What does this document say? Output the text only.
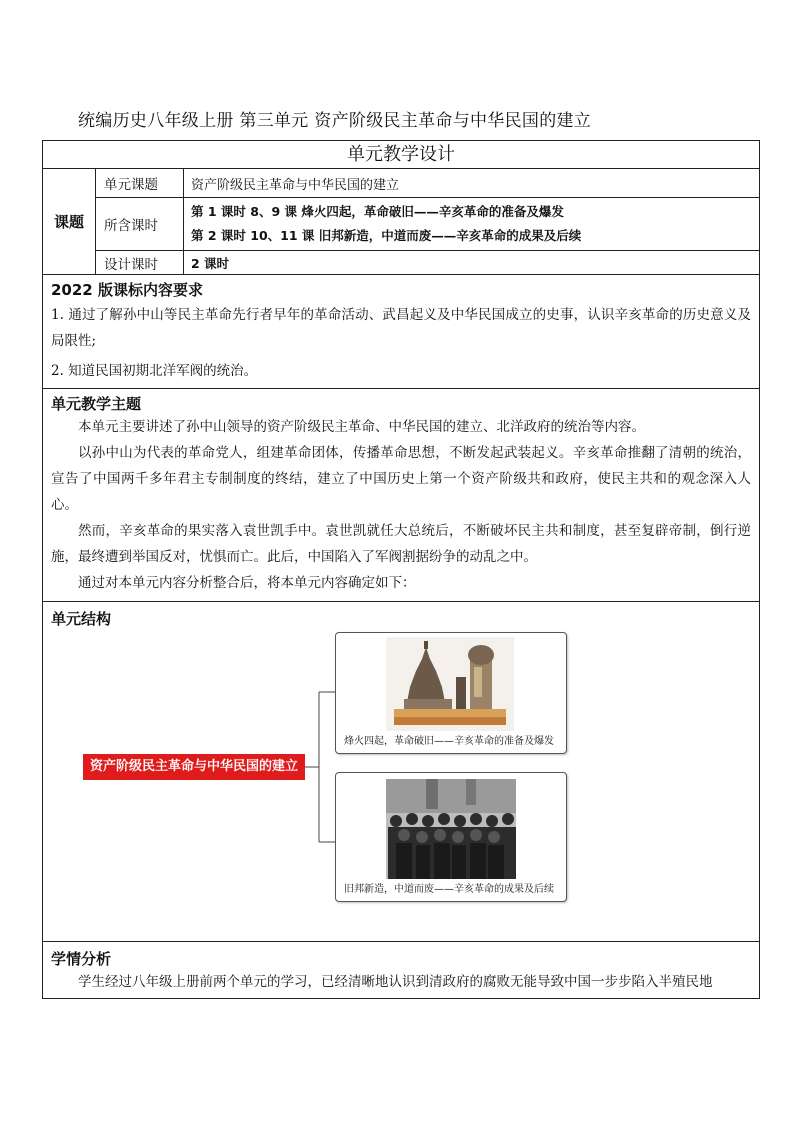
统编历史八年级上册 第三单元 资产阶级民主革命与中华民国的建立
单元教学设计
课题
单元课题	资产阶级民主革命与中华民国的建立
所含课时
第 1 课时 8、9 课 烽火四起，革命破旧——辛亥革命的准备及爆发
第 2 课时 10、11 课 旧邦新造，中道而废——辛亥革命的成果及后续
设计课时	2 课时
2022 版课标内容要求
1. 通过了解孙中山等民主革命先行者早年的革命活动、武昌起义及中华民国成立的史事，认识辛亥革命的历史意义及局限性;
2. 知道民国初期北洋军阀的统治。
单元教学主题
本单元主要讲述了孙中山领导的资产阶级民主革命、中华民国的建立、北洋政府的统治等内容。
以孙中山为代表的革命党人，组建革命团体，传播革命思想，不断发起武装起义。辛亥革命推翻了清朝的统治，宣告了中国两千多年君主专制制度的终结，建立了中国历史上第一个资产阶级共和政府，使民主共和的观念深入人心。
然而，辛亥革命的果实落入袁世凯手中。袁世凯就任大总统后，不断破坏民主共和制度，甚至复辟帝制，倒行逆施，最终遭到举国反对，忧惧而亡。此后，中国陷入了军阀割据纷争的动乱之中。
通过对本单元内容分析整合后，将本单元内容确定如下：
单元结构
资产阶级民主革命与中华民国的建立
烽火四起，革命破旧——辛亥革命的准备及爆发
旧邦新造，中道而废——辛亥革命的成果及后续
学情分析
学生经过八年级上册前两个单元的学习，已经清晰地认识到清政府的腐败无能导致中国一步步陷入半殖民地
